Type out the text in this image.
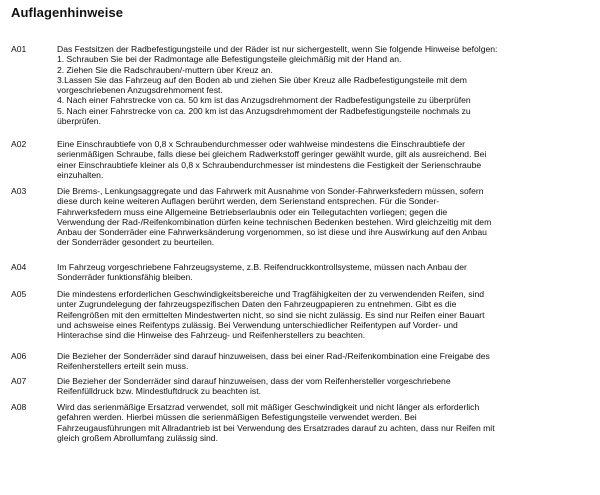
Auflagenhinweise
A01	Das Festsitzen der Radbefestigungsteile und der Räder ist nur sichergestellt, wenn Sie folgende Hinweise befolgen:
1. Schrauben Sie bei der Radmontage alle Befestigungsteile gleichmäßig mit der Hand an.
2. Ziehen Sie die Radschrauben/-muttern über Kreuz an.
3.Lassen Sie das Fahrzeug auf den Boden ab und ziehen Sie über Kreuz alle Radbefestigungsteile mit dem
vorgeschriebenen Anzugsdrehmoment fest.
4. Nach einer Fahrstrecke von ca. 50 km ist das Anzugsdrehmoment der Radbefestigungsteile zu überprüfen
5. Nach einer Fahrstrecke von ca. 200 km ist das Anzugsdrehmoment der Radbefestigungsteile nochmals zu
überprüfen.
A02	Eine Einschraubtiefe von 0,8 x Schraubendurchmesser oder wahlweise mindestens die Einschraubtiefe der
serienmäßigen Schraube, falls diese bei gleichem Radwerkstoff geringer gewählt wurde, gilt als ausreichend. Bei
einer Einschraubtiefe kleiner als 0,8 x Schraubendurchmesser ist mindestens die Festigkeit der Serienschraube
einzuhalten.
A03	Die Brems-, Lenkungsaggregate und das Fahrwerk mit Ausnahme von Sonder-Fahrwerksfedern müssen, sofern
diese durch keine weiteren Auflagen berührt werden, dem Serienstand entsprechen. Für die Sonder-
Fahrwerksfedern muss eine Allgemeine Betriebserlaubnis oder ein Teilegutachten vorliegen; gegen die
Verwendung der Rad-/Reifenkombination dürfen keine technischen Bedenken bestehen. Wird gleichzeitig mit dem
Anbau der Sonderräder eine Fahrwerksänderung vorgenommen, so ist diese und ihre Auswirkung auf den Anbau
der Sonderräder gesondert zu beurteilen.
A04	Im Fahrzeug vorgeschriebene Fahrzeugsysteme, z.B. Reifendruckkontrollsysteme, müssen nach Anbau der
Sonderräder funktionsfähig bleiben.
A05	Die mindestens erforderlichen Geschwindigkeitsbereiche und Tragfähigkeiten der zu verwendenden Reifen, sind
unter Zugrundelegung der fahrzeugspezifischen Daten den Fahrzeugpapieren zu entnehmen. Gibt es die
Reifengrößen mit den ermittelten Mindestwerten nicht, so sind sie nicht zulässig. Es sind nur Reifen einer Bauart
und achsweise eines Reifentyps zulässig. Bei Verwendung unterschiedlicher Reifentypen auf Vorder- und
Hinterachse sind die Hinweise des Fahrzeug- und Reifenherstellers zu beachten.
A06	Die Bezieher der Sonderräder sind darauf hinzuweisen, dass bei einer Rad-/Reifenkombination eine Freigabe des
Reifenherstellers erteilt sein muss.
A07	Die Bezieher der Sonderräder sind darauf hinzuweisen, dass der vom Reifenhersteller vorgeschriebene
Reifenfülldruck bzw. Mindestluftdruck zu beachten ist.
A08	Wird das serienmäßige Ersatzrad verwendet, soll mit mäßiger Geschwindigkeit und nicht länger als erforderlich
gefahren werden. Hierbei müssen die serienmäßigen Befestigungsteile verwendet werden. Bei
Fahrzeugausführungen mit Allradantrieb ist bei Verwendung des Ersatzrades darauf zu achten, dass nur Reifen mit
gleich großem Abrollumfang zulässig sind.
